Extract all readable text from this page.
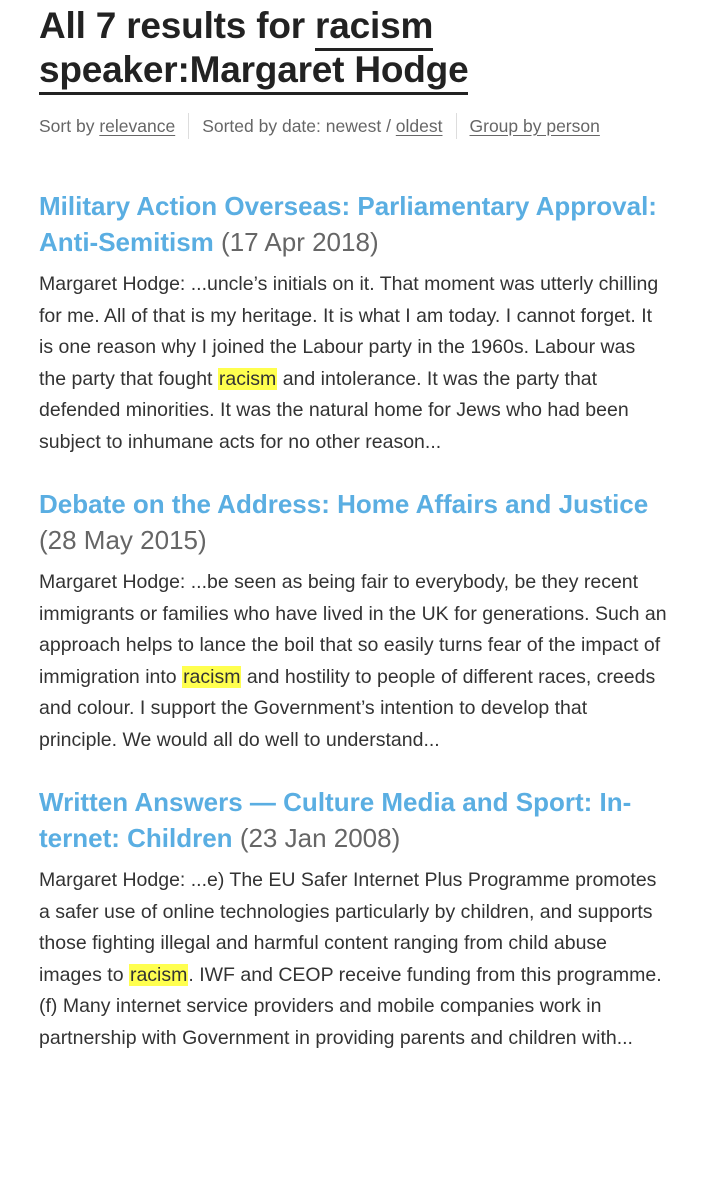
All 7 results for racism
speaker:Margaret Hodge
Sort by relevance Sorted by date: newest / oldest Group by person
Military Action Overseas: Parliamentary Approval: Anti-Semitism (17 Apr 2018)

Margaret Hodge: ...uncle’s initials on it. That moment was utterly chilling for me. All of that is my heritage. It is what I am today. I cannot forget. It is one reason why I joined the Labour party in the 1960s. Labour was the party that fought racism and intolerance. It was the party that defended minorities. It was the natural home for Jews who had been subject to inhumane acts for no other reason...

Debate on the Address: Home Affairs and Justice (28 May 2015)

Margaret Hodge: ...be seen as being fair to everybody, be they recent immigrants or families who have lived in the UK for generations. Such an approach helps to lance the boil that so easily turns fear of the impact of immigration into racism and hostility to people of different races, creeds and colour. I support the Government’s intention to develop that principle. We would all do well to understand...

Written Answers — Culture Media and Sport: Internet: Children (23 Jan 2008)

Margaret Hodge: ...e) The EU Safer Internet Plus Programme promotes a safer use of online technologies particularly by children, and supports those fighting illegal and harmful content ranging from child abuse images to racism. IWF and CEOP receive funding from this programme. (f) Many internet service providers and mobile companies work in partnership with Government in providing parents and children with...
